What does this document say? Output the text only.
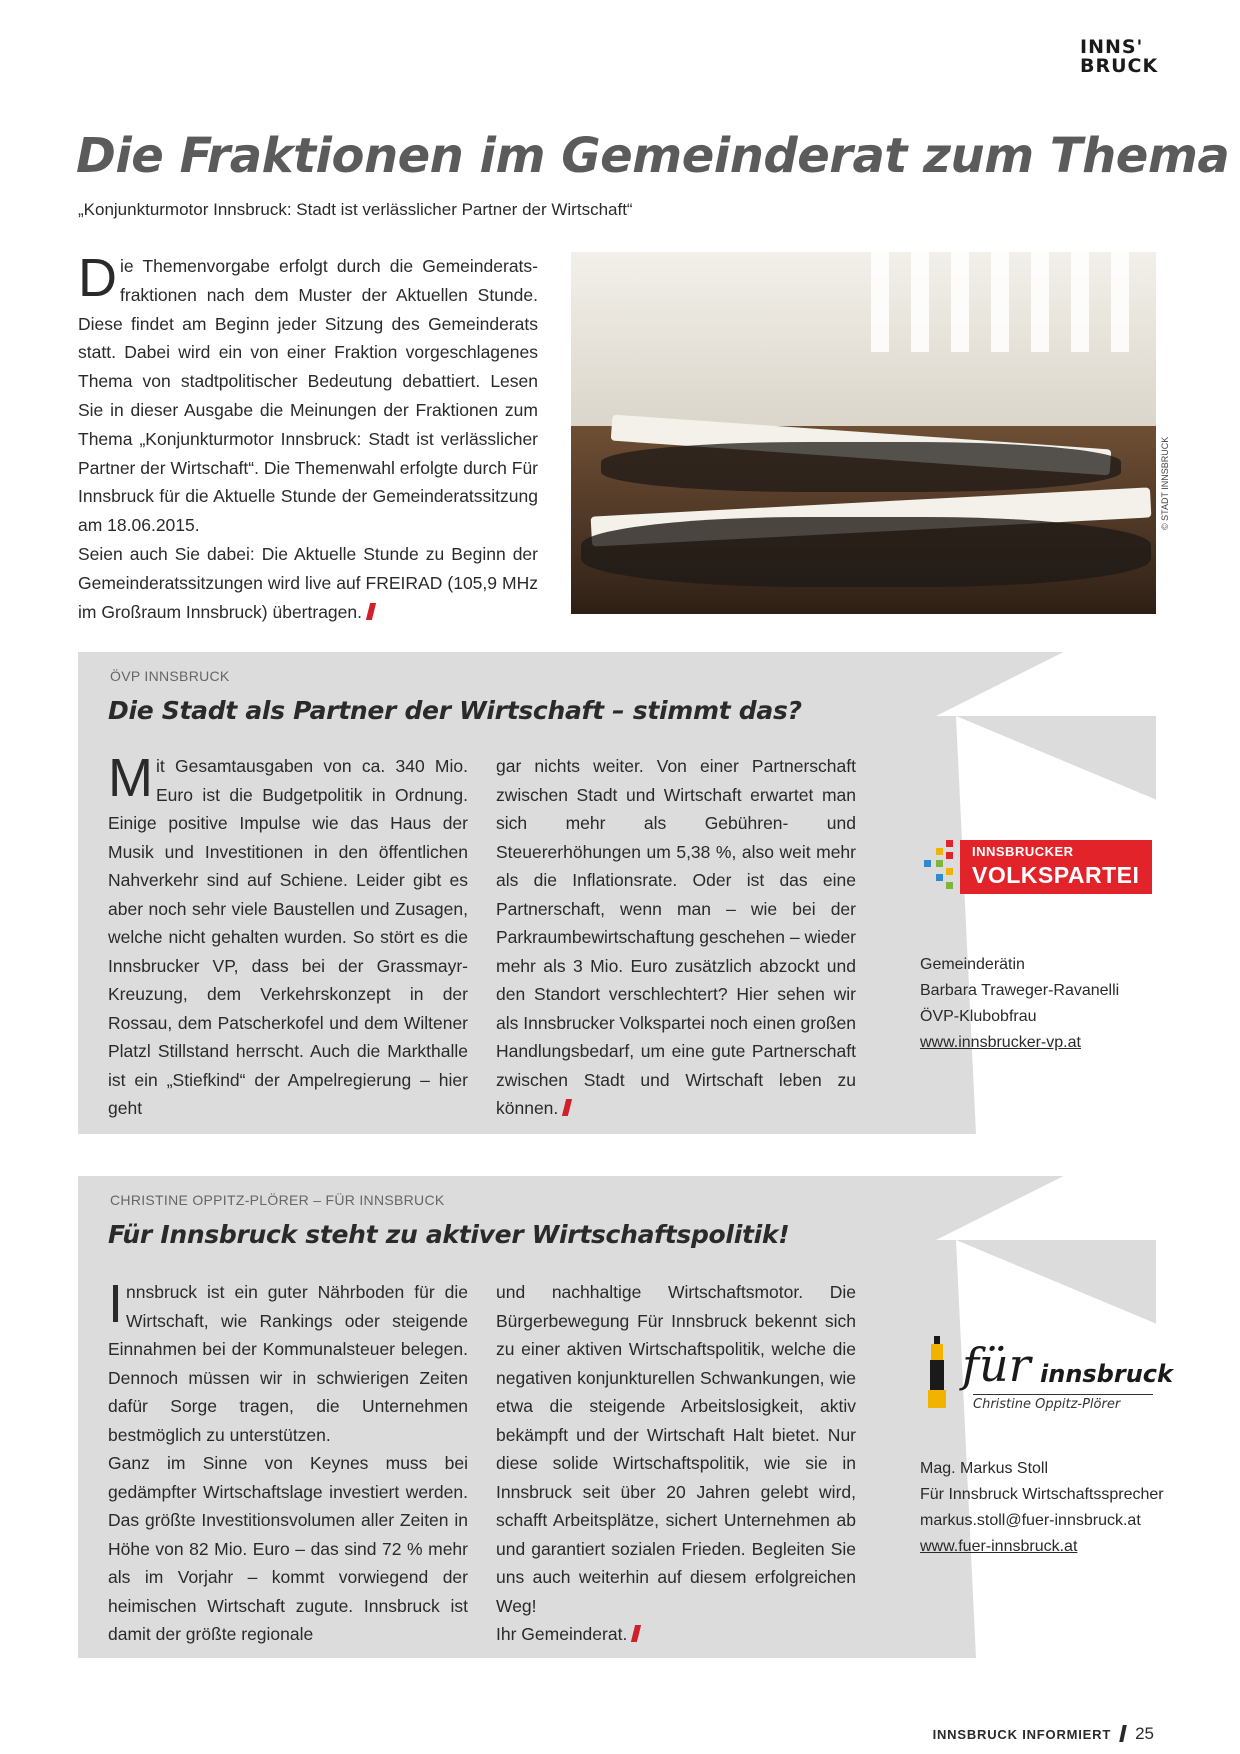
INNS'
BRUCK
Die Fraktionen im Gemeinderat zum Thema
„Konjunkturmotor Innsbruck: Stadt ist verlässlicher Partner der Wirtschaft“
Die Themenvorgabe erfolgt durch die Gemeinderatsfraktionen nach dem Muster der Aktuellen Stunde. Diese findet am Beginn jeder Sitzung des Gemeinderats statt. Dabei wird ein von einer Fraktion vorgeschlagenes Thema von stadtpolitischer Bedeutung debattiert. Lesen Sie in dieser Ausgabe die Meinungen der Fraktionen zum Thema „Konjunkturmotor Innsbruck: Stadt ist verlässlicher Partner der Wirtschaft“. Die Themenwahl erfolgte durch Für Innsbruck für die Aktuelle Stunde der Gemeinderatssitzung am 18.06.2015.
Seien auch Sie dabei: Die Aktuelle Stunde zu Beginn der Gemeinderatssitzungen wird live auf FREIRAD (105,9 MHz im Großraum Innsbruck) übertragen.
© STADT INNSBRUCK
ÖVP INNSBRUCK
Die Stadt als Partner der Wirtschaft – stimmt das?
Mit Gesamtausgaben von ca. 340 Mio. Euro ist die Budgetpolitik in Ordnung. Einige positive Impulse wie das Haus der Musik und Investitionen in den öffentlichen Nahverkehr sind auf Schiene. Leider gibt es aber noch sehr viele Baustellen und Zusagen, welche nicht gehalten wurden. So stört es die Innsbrucker VP, dass bei der Grassmayr-Kreuzung, dem Verkehrskonzept in der Rossau, dem Patscherkofel und dem Wiltener Platzl Stillstand herrscht. Auch die Markthalle ist ein „Stiefkind“ der Ampelregierung – hier geht
gar nichts weiter. Von einer Partnerschaft zwischen Stadt und Wirtschaft erwartet man sich mehr als Gebühren- und Steuererhöhungen um 5,38 %, also weit mehr als die Inflationsrate. Oder ist das eine Partnerschaft, wenn man – wie bei der Parkraumbewirtschaftung geschehen – wieder mehr als 3 Mio. Euro zusätzlich abzockt und den Standort verschlechtert? Hier sehen wir als Innsbrucker Volkspartei noch einen großen Handlungsbedarf, um eine gute Partnerschaft zwischen Stadt und Wirtschaft leben zu können.
INNSBRUCKER
VOLKSPARTEI
Gemeinderätin
Barbara Traweger-Ravanelli
ÖVP-Klubobfrau
www.innsbrucker-vp.at
CHRISTINE OPPITZ-PLÖRER – FÜR INNSBRUCK
Für Innsbruck steht zu aktiver Wirtschaftspolitik!
Innsbruck ist ein guter Nährboden für die Wirtschaft, wie Rankings oder steigende Einnahmen bei der Kommunalsteuer belegen. Dennoch müssen wir in schwierigen Zeiten dafür Sorge tragen, die Unternehmen bestmöglich zu unterstützen.
Ganz im Sinne von Keynes muss bei gedämpfter Wirtschaftslage investiert werden. Das größte Investitionsvolumen aller Zeiten in Höhe von 82 Mio. Euro – das sind 72 % mehr als im Vorjahr – kommt vorwiegend der heimischen Wirtschaft zugute. Innsbruck ist damit der größte regionale
und nachhaltige Wirtschaftsmotor. Die Bürgerbewegung Für Innsbruck bekennt sich zu einer aktiven Wirtschaftspolitik, welche die negativen konjunkturellen Schwankungen, wie etwa die steigende Arbeitslosigkeit, aktiv bekämpft und der Wirtschaft Halt bietet. Nur diese solide Wirtschaftspolitik, wie sie in Innsbruck seit über 20 Jahren gelebt wird, schafft Arbeitsplätze, sichert Unternehmen ab und garantiert sozialen Frieden. Begleiten Sie uns auch weiterhin auf diesem erfolgreichen Weg!
Ihr Gemeinderat.
für innsbruck
Christine Oppitz-Plörer
Mag. Markus Stoll
Für Innsbruck Wirtschaftssprecher
markus.stoll@fuer-innsbruck.at
www.fuer-innsbruck.at
INNSBRUCK INFORMIERT 25
